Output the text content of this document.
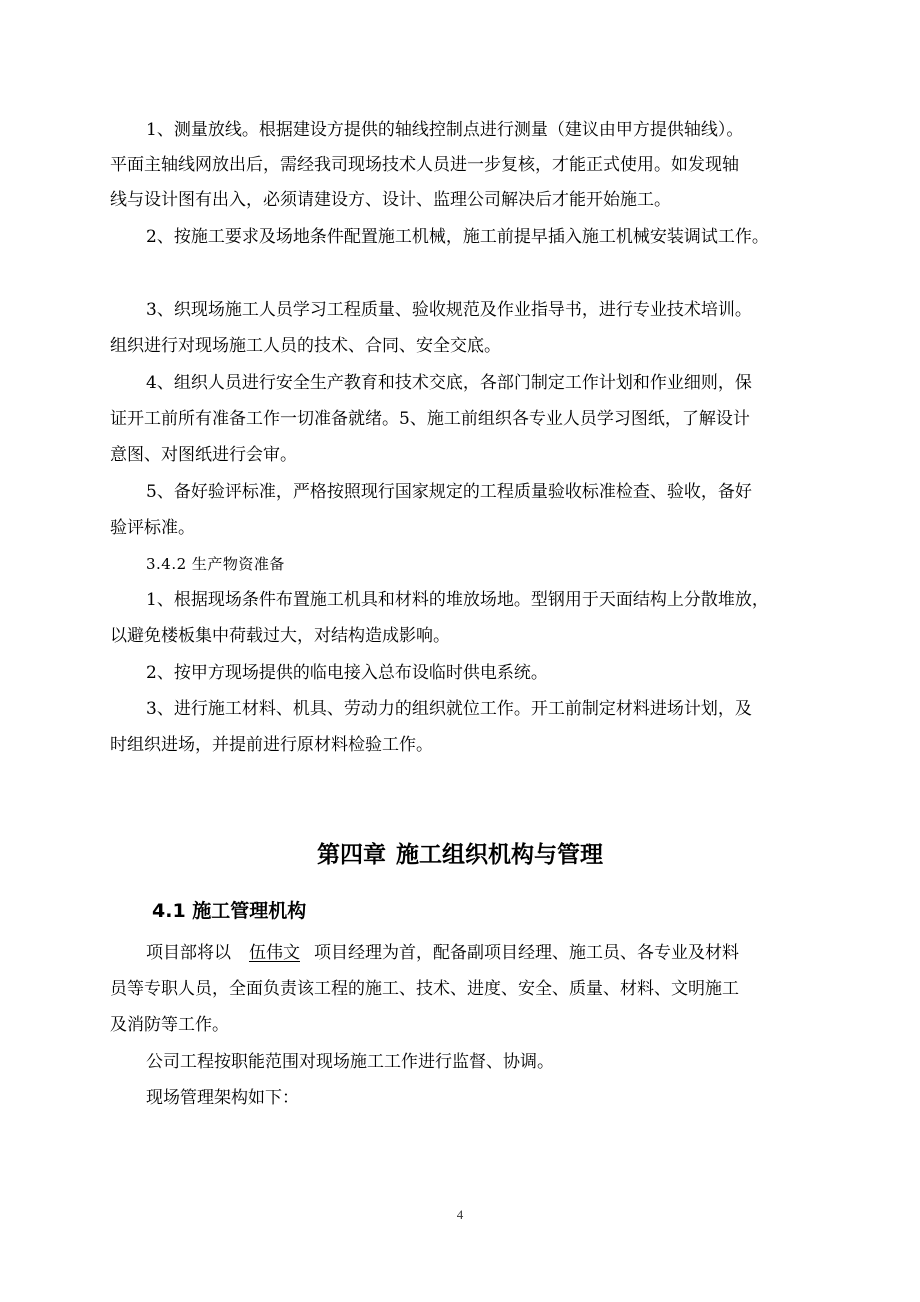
1、测量放线。根据建设方提供的轴线控制点进行测量（建议由甲方提供轴线）。

平面主轴线网放出后，需经我司现场技术人员进一步复核，才能正式使用。如发现轴

线与设计图有出入，必须请建设方、设计、监理公司解决后才能开始施工。

2、按施工要求及场地条件配置施工机械，施工前提早插入施工机械安装调试工作。

3、织现场施工人员学习工程质量、验收规范及作业指导书，进行专业技术培训。

组织进行对现场施工人员的技术、合同、安全交底。

4、组织人员进行安全生产教育和技术交底，各部门制定工作计划和作业细则，保

证开工前所有准备工作一切准备就绪。5、施工前组织各专业人员学习图纸，了解设计

意图、对图纸进行会审。

5、备好验评标准，严格按照现行国家规定的工程质量验收标准检查、验收，备好

验评标准。

3.4.2 生产物资准备

1、根据现场条件布置施工机具和材料的堆放场地。型钢用于天面结构上分散堆放，

以避免楼板集中荷载过大，对结构造成影响。

2、按甲方现场提供的临电接入总布设临时供电系统。

3、进行施工材料、机具、劳动力的组织就位工作。开工前制定材料进场计划，及

时组织进场，并提前进行原材料检验工作。

第四章 施工组织机构与管理
4.1 施工管理机构

项目部将以 伍伟文 项目经理为首，配备副项目经理、施工员、各专业及材料

员等专职人员，全面负责该工程的施工、技术、进度、安全、质量、材料、文明施工

及消防等工作。

公司工程按职能范围对现场施工工作进行监督、协调。

现场管理架构如下：

4
